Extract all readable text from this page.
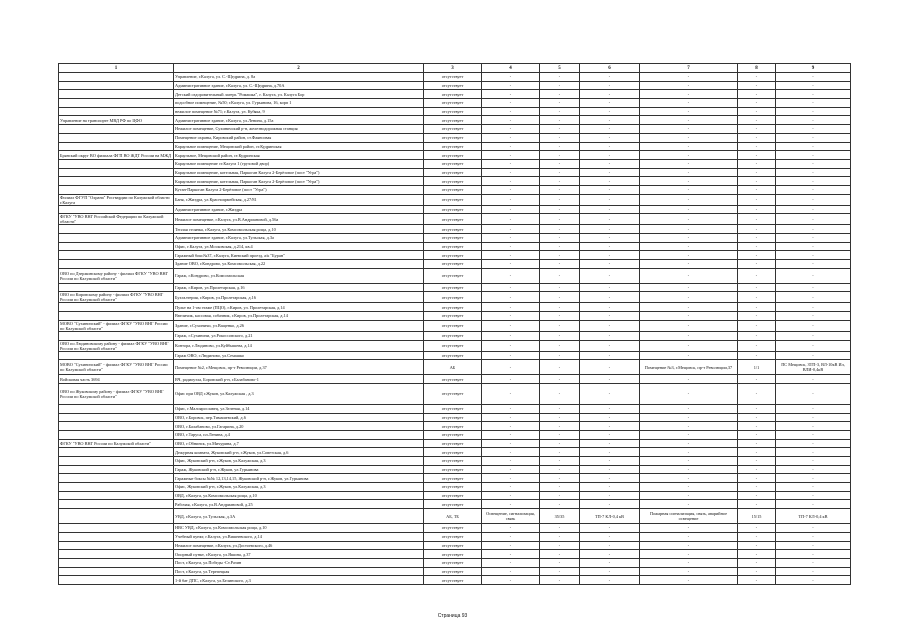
1	2	3	4	5	6	7	8	9
	Управление, г.Калуга, ул. С.-Щедрина, д. 8а	отсутствует	-	-	-	-	-	-
	Административное здание, г.Калуга, ул. С.-Щедрина, д.70А	отсутствует	-	-	-	-	-	-
	Детский оздоровительный лагерь "Ромашка", г. Калуга, ул. Калуга Бор	отсутствует	-	-	-	-	-	-
	подсобное помещение, №50; г.Калуга, ул. Гурьянова, 16, корп 1	отсутствует	-	-	-	-	-	-
	нежилое помещение №71; г.Калуга, ул. Кубяка, 9	отсутствует	-	-	-	-	-	-
Управление на транспорте МВД РФ по ЦФО	Административное здание, г.Калуга, ул.Ленина, д.15а	отсутствует	-	-	-	-	-	-
	Нежилое помещение, Сухиничский р-н, железнодорожная станция	отсутствует	-	-	-	-	-	-
	Помещение охраны, Кировский район, ст.Фаянсовая	отсутствует	-	-	-	-	-	-
	Караульное помещение, Мещовский район, ст.Кудринская	отсутствует	-	-	-	-	-	-
Брянский округ ВО филиала ФГП ВО ЖДТ России на МЖД	Караульное, Мещовский район, ст.Кудринская	отсутствует	-	-	-	-	-	-
	Караульное помещение ст.Калуга 1 (грузовой двор)	отсутствует	-	-	-	-	-	-
	Караульное помещение, котельная, Паркоган Калуга 2-Берёзовое (пост "Угра")	отсутствует	-	-	-	-	-	-
	Караульное помещение, котельная, Паркоган Калуга 2-Берёзовое (пост "Угра")	отсутствует	-	-	-	-	-	-
	Кутан-Паркоган Калуга 2-Берёзовое (пост "Угра")	отсутствует	-	-	-	-	-	-
Филиал ФГУП "Охрана" Росгвардии по Калужской области г.Калуга	Баня, г.Жиздра, ул.Красноармейская, д.27/81	отсутствует	-	-	-	-	-	-
	Административное здание, г.Жиздра	отсутствует	-	-	-	-	-	-
ФГКУ "УВО ВНГ Российской Федерации по Калужской области"	Нежилое помещение, г.Калуга, ул.В.Андриановой, д.56а	отсутствует	-	-	-	-	-	-
	Теплая стоянка, г.Калуга, ул.Комсомольская роща, д.10	отсутствует	-	-	-	-	-	-
	Административное здание, г.Калуга, ул.Тульская, д.3а	отсутствует	-	-	-	-	-	-
	Офис, г.Калуга, ул.Московская, д.214, кв.4	отсутствует	-	-	-	-	-	-
	Гаражный бокс№37, г.Калуга, Киевский проезд, а/к "Буран"	отсутствует	-	-	-	-	-	-
	Здание ОВО, г.Кондрово, ул.Комсомольская, д.22	отсутствует	-	-	-	-	-	-
ОВО по Дзержинскому району - филиал ФГКУ "УВО ВНГ России по Калужской области"	Гараж, г.Кондрово, ул.Комсомольская	отсутствует	-	-	-	-	-	-
	Гараж, г.Киров, ул.Пролетарская, д.16	отсутствует	-	-	-	-	-	-
ОВО по Кировскому району - филиал ФГКУ "УВО ВНГ России по Калужской области"	Бухгалтерия, г.Киров, ул.Пролетарская, д.16	отсутствует	-	-	-	-	-	-
	Пульт на 1-ом этаже (ПЦО), г.Киров, ул. Пролетарская, д.14	отсутствует	-	-	-	-	-	-
	Ввеличик, кассовая, собачник, г.Киров, ул.Пролетарская, д.14	отсутствует	-	-	-	-	-	-
МОВО "Сухиничский" - филиал ФГКУ "УВО ВНГ России по Калужской области"	Здание, г.Сухиничи, ул.Ващенко, д.26	отсутствует	-	-	-	-	-	-
	Гараж, г.Сухиничи, ул.Рокоссовского, д.21	отсутствует	-	-	-	-	-	-
ОВО по Людиновскому району - филиал ФГКУ "УВО ВНГ России по Калужской области"	Контора, г.Людиново, ул.Куйбышева, д.14	отсутствует	-	-	-	-	-	-
	Гараж ОВО, г.Людиново, ул.Семашко	отсутствует	-	-	-	-	-	-
МОВО "Сухиничский" - филиал ФГКУ "УВО ВНГ России по Калужской области"	Помещение №2, г.Мещовск, пр-т Революции, д.37	АБ	-	-	-	Помещение №3, г.Мещовск, пр-т Революции,37	1/1	ПС Мещовск, ЗТП-3, ВЛ-10кВ Ил, ВЛИ-0,4кВ
Войсковая часть 3694	ВЧ, радиоузла, Боровский р-н, г.Балабаново-1	отсутствует	-	-	-	-	-	-
ОВО по Жуковскому району - филиал ФГКУ "УВО ВНГ России по Калужской области"	Офис при ОВД г.Жуков, ул.Калужская , д.3	отсутствует	-	-	-	-	-	-
	Офис, г.Малоярославец, ул.Зеленая, д.14	отсутствует	-	-	-	-	-	-
	ОВО, г.Боровск, пер.Тимашевский, д.6	отсутствует	-	-	-	-	-	-
	ОВО, г.Балабаново, ул.Гагарина, д.20	отсутствует	-	-	-	-	-	-
	ОВО, г.Таруса, пл.Ленина, д.4	отсутствует	-	-	-	-	-	-
ФГКУ "УВО ВНГ России по Калужской области"	ОВО, г.Обнинск, ул.Мичурина, д.7	отсутствует	-	-	-	-	-	-
	Дежурная комната, Жуковский р-н, г.Жуков, ул.Советская, д.6	отсутствует	-	-	-	-	-	-
	Офис, Жуковский р-н, г.Жуков, ул.Калужская, д.3	отсутствует	-	-	-	-	-	-
	Гараж, Жуковский р-н, г.Жуков, ул.Гурьянова	отсутствует	-	-	-	-	-	-
	Гаражные боксы №№ 12,13,14,15, Жуковский р-н, г.Жуков, ул.Гурьянова	отсутствует	-	-	-	-	-	-
	Офис, Жуковский р-н, г.Жуков, ул.Калужская, д.3	отсутствует	-	-	-	-	-	-
	ОВД, г.Калуга, ул.Комсомольская роща, д.10	отсутствует	-	-	-	-	-	-
	Рабочая, г.Калуга, ул.В.Андриановой, д.25	отсутствует	-	-	-	-	-	-
	УВД, г.Калуга, ул.Тульская, д.3А	АБ, ТБ	Освещение, сигнализация, связь	35/35	ТП-7 КЛ-0,4 кВ	Пожарная сигнализация, связь, аварийное освещение	15/15	ТП-7 КЛ-0,4 кВ
	НВС УВД, г.Калуга, ул.Комсомольская роща, д.10	отсутствует	-	-	-	-	-	-
	Учебный пункт, г.Калуга, ул.Вишневского, д.14	отсутствует	-	-	-	-	-	-
	Нежилое помещение, г.Калуга, ул.Достоевского, д.46	отсутствует	-	-	-	-	-	-
	Опорный пункт, г.Калуга, ул.Яшина, д.37	отсутствует	-	-	-	-	-	-
	Пост, г.Калуга, ул.Победы -Ст.Разин	отсутствует	-	-	-	-	-	-
	Пост, г.Калуга, ул.Терепецкая	отсутствует	-	-	-	-	-	-
	1-й бат ДПС, г.Калуга, ул.Белинского, д.3	отсутствует	-	-	-	-	-	-
Страница 93
